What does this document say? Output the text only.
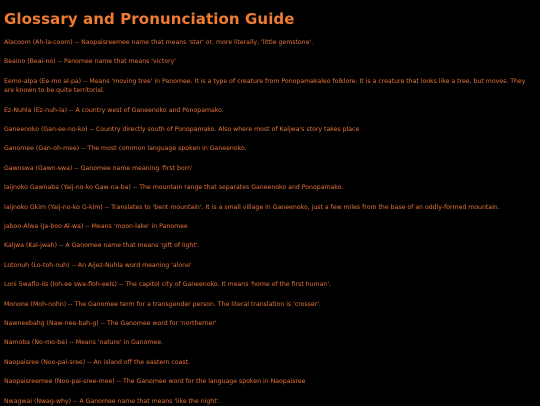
Glossary and Pronunciation Guide

Alacoom (Ah-la-coom) -- Naopaisreemee name that means 'star' or, more literally, 'little gemstone'.

Beaino (Beai-no) -- Panomee name that means 'victory'

Eemo-alpa (Ee-mo al-pa) -- Means 'moving tree' in Panomee. It is a type of creature from Ponopamakaleo folklore. It is a creature that looks like a tree, but moves. They are known to be quite territorial.

Ez-Nuhla (Ez-nuh-la) -- A country west of Ganeenoko and Ponopamako.

Ganeenoko (Gan-ee-no-ko) -- Country directly south of Ponopamako. Also where most of Kaljwa's story takes place

Ganomee (Gan-oh-mee) -- The most common language spoken in Ganeenoko.

Gawnswa (Gawn-swa) -- Ganomee name meaning 'first born'

Iaijnoko Gawnaba (Yaij-no-ko Gaw-na-ba) -- The mountain range that separates Ganeenoko and Ponopamako.

Iaijnoko Gkim (Yaij-no-ko G-kim) -- Translates to 'bent mountain'. It is a small village in Ganeenoko, just a few miles from the base of an oddly-formed mountain.

Jaboo-Alwa (Ja-boo Al-wa) -- Means 'moon-lake' in Panomee

Kaljwa (Kal-jwah) -- A Ganomee name that means 'gift of light'.

Lotonuh (Lo-toh-nuh) -- An Aijez-Nuhla word meaning 'alone'

Loni Swaflo-ils (loh-ee swa-floh-eels) -- The capitol city of Ganeenoko. It means 'home of the first human'.

Monone (Moh-nohn) -- The Ganomee term for a transgender person. The literal translation is 'crosser'.

Nawneebahg (Naw-nee-bah-g) -- The Ganomee word for 'northerner'

Namoba (No-mo-ba) -- Means 'nature' in Ganomee.

Naopaisree (Noo-pai-sree) -- An island off the eastern coast.

Naopaisreemee (Noo-pai-sree-mee) -- The Ganomee word for the language spoken in Naopaisree

Nwagwai (Nwag-why) -- A Ganomee name that means 'like the night'.
